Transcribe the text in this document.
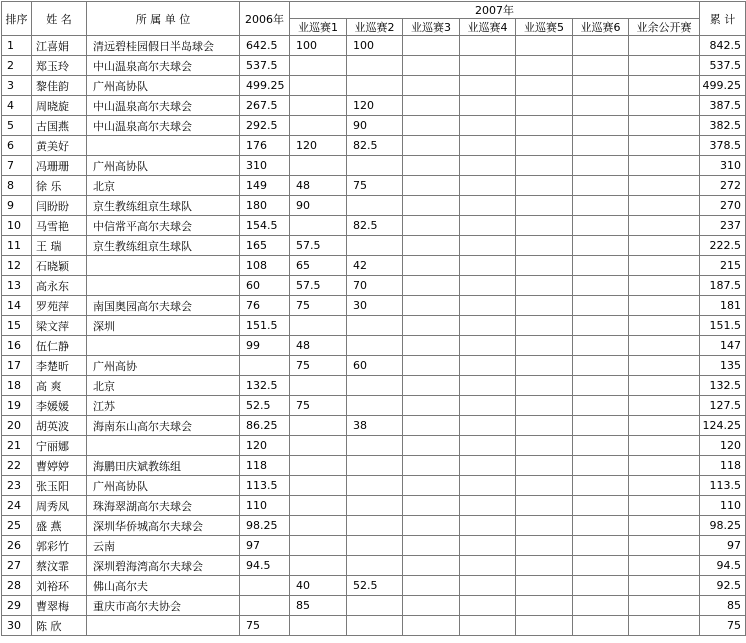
排序	姓 名	所 属 单 位	2006年	2007年							累 计
				业巡赛1	业巡赛2	业巡赛3	业巡赛4	业巡赛5	业巡赛6	业余公开赛	
1	江喜娟	清远碧桂园假日半岛球会	642.5	100	100						842.5
2	郑玉玲	中山温泉高尔夫球会	537.5								537.5
3	黎佳韵	广州高协队	499.25								499.25
4	周晓旋	中山温泉高尔夫球会	267.5		120						387.5
5	古国燕	中山温泉高尔夫球会	292.5		90						382.5
6	黄美好		176	120	82.5						378.5
7	冯珊珊	广州高协队	310								310
8	徐 乐	北京	149	48	75						272
9	闫盼盼	京生教练组京生球队	180	90							270
10	马雪艳	中信常平高尔夫球会	154.5		82.5						237
11	王 瑞	京生教练组京生球队	165	57.5							222.5
12	石晓颖		108	65	42						215
13	高永东		60	57.5	70						187.5
14	罗苑萍	南国奥园高尔夫球会	76	75	30						181
15	梁文萍	深圳	151.5								151.5
16	伍仁静		99	48							147
17	李楚昕	广州高协		75	60						135
18	高 爽	北京	132.5								132.5
19	李媛媛	江苏	52.5	75							127.5
20	胡英波	海南东山高尔夫球会	86.25		38						124.25
21	宁丽娜		120								120
22	曹婷婷	海鹏田庆斌教练组	118								118
23	张玉阳	广州高协队	113.5								113.5
24	周秀凤	珠海翠湖高尔夫球会	110								110
25	盛 燕	深圳华侨城高尔夫球会	98.25								98.25
26	郭彩竹	云南	97								97
27	蔡汶霏	深圳碧海湾高尔夫球会	94.5								94.5
28	刘裕环	佛山高尔夫		40	52.5						92.5
29	曹翠梅	重庆市高尔夫协会		85							85
30	陈 欣		75								75
